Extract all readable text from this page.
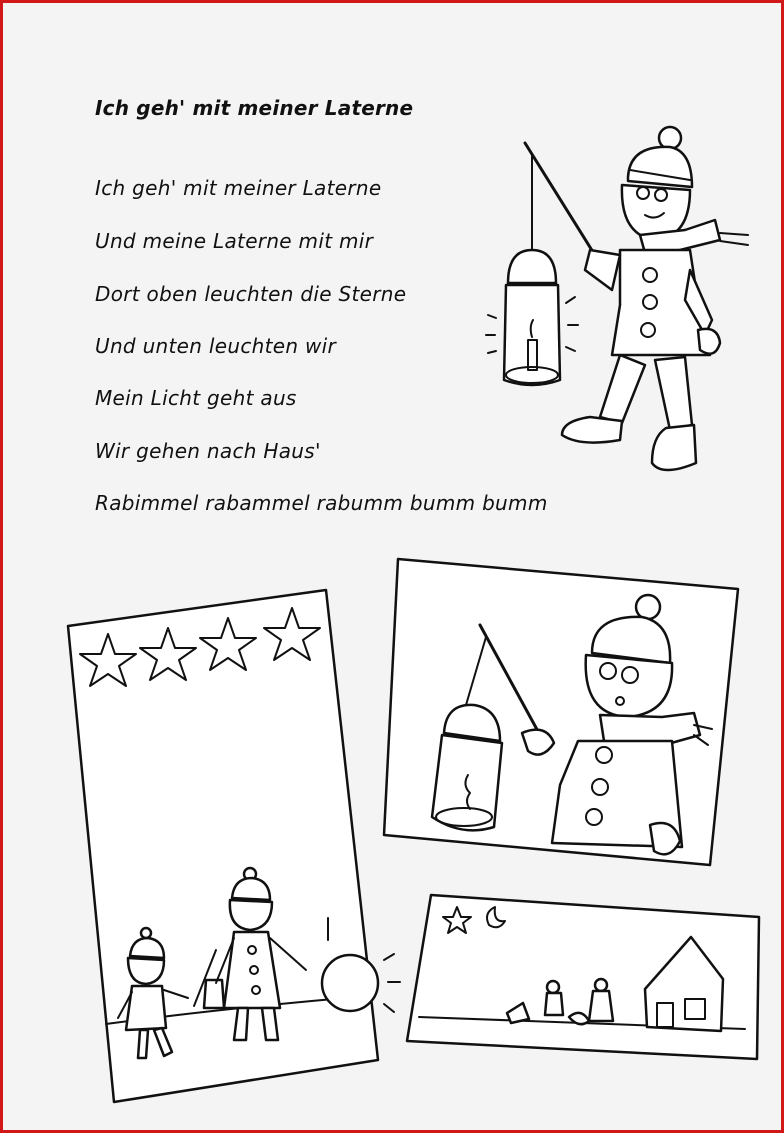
Ich geh' mit meiner Laterne
Ich geh' mit meiner Laterne
Und meine Laterne mit mir
Dort oben leuchten die Sterne
Und unten leuchten wir
Mein Licht geht aus
Wir gehen nach Haus'
Rabimmel rabammel rabumm bumm bumm
